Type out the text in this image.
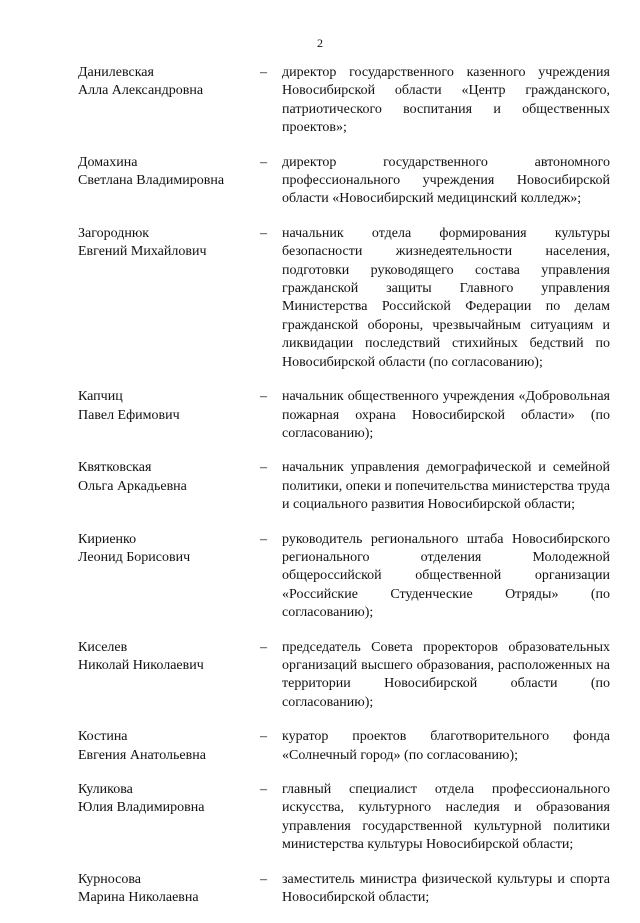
2
Данилевская
Алла Александровна
–	директор государственного казенного учреждения Новосибирской области «Центр гражданского, патриотического воспитания и общественных проектов»;
Домахина
Светлана Владимировна
–	директор государственного автономного профессионального учреждения Новосибирской области «Новосибирский медицинский колледж»;
Загороднюк
Евгений Михайлович
–	начальник отдела формирования культуры безопасности жизнедеятельности населения, подготовки руководящего состава управления гражданской защиты Главного управления Министерства Российской Федерации по делам гражданской обороны, чрезвычайным ситуациям и ликвидации последствий стихийных бедствий по Новосибирской области (по согласованию);
Капчиц
Павел Ефимович
–	начальник общественного учреждения «Добровольная пожарная охрана Новосибирской области» (по согласованию);
Квятковская
Ольга Аркадьевна
–	начальник управления демографической и семейной политики, опеки и попечительства министерства труда и социального развития Новосибирской области;
Кириенко
Леонид Борисович
–	руководитель регионального штаба Новосибирского регионального отделения Молодежной общероссийской общественной организации «Российские Студенческие Отряды» (по согласованию);
Киселев
Николай Николаевич
–	председатель Совета проректоров образовательных организаций высшего образования, расположенных на территории Новосибирской области (по согласованию);
Костина
Евгения Анатольевна
–	куратор проектов благотворительного фонда «Солнечный город» (по согласованию);
Куликова
Юлия Владимировна
–	главный специалист отдела профессионального искусства, культурного наследия и образования управления государственной культурной политики министерства культуры Новосибирской области;
Курносова
Марина Николаевна
–	заместитель министра физической культуры и спорта Новосибирской области;
